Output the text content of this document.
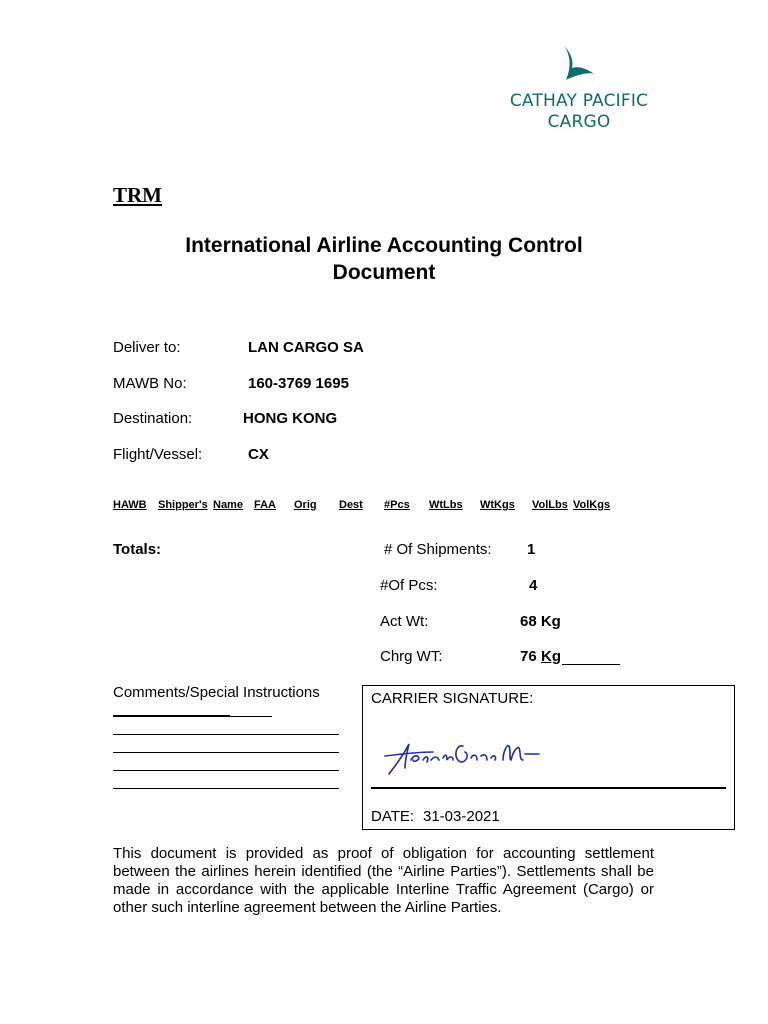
CATHAY PACIFIC
CARGO
TRM
International Airline Accounting Control
Document
Deliver to:	LAN CARGO SA
MAWB No:	160-3769 1695
Destination:	HONG KONG
Flight/Vessel:	CX
HAWB Shipper's Name FAA Orig Dest #Pcs WtLbs WtKgs VolLbs VolKgs
Totals:	# Of Shipments: 1
#Of Pcs:	4
Act Wt:	68 Kg
Chrg WT:	76 Kg
Comments/Special Instructions	CARRIER SIGNATURE:
DATE: 31-03-2021
This document is provided as proof of obligation for accounting settlement between the airlines herein identified (the “Airline Parties”). Settlements shall be made in accordance with the applicable Interline Traffic Agreement (Cargo) or other such interline agreement between the Airline Parties.
